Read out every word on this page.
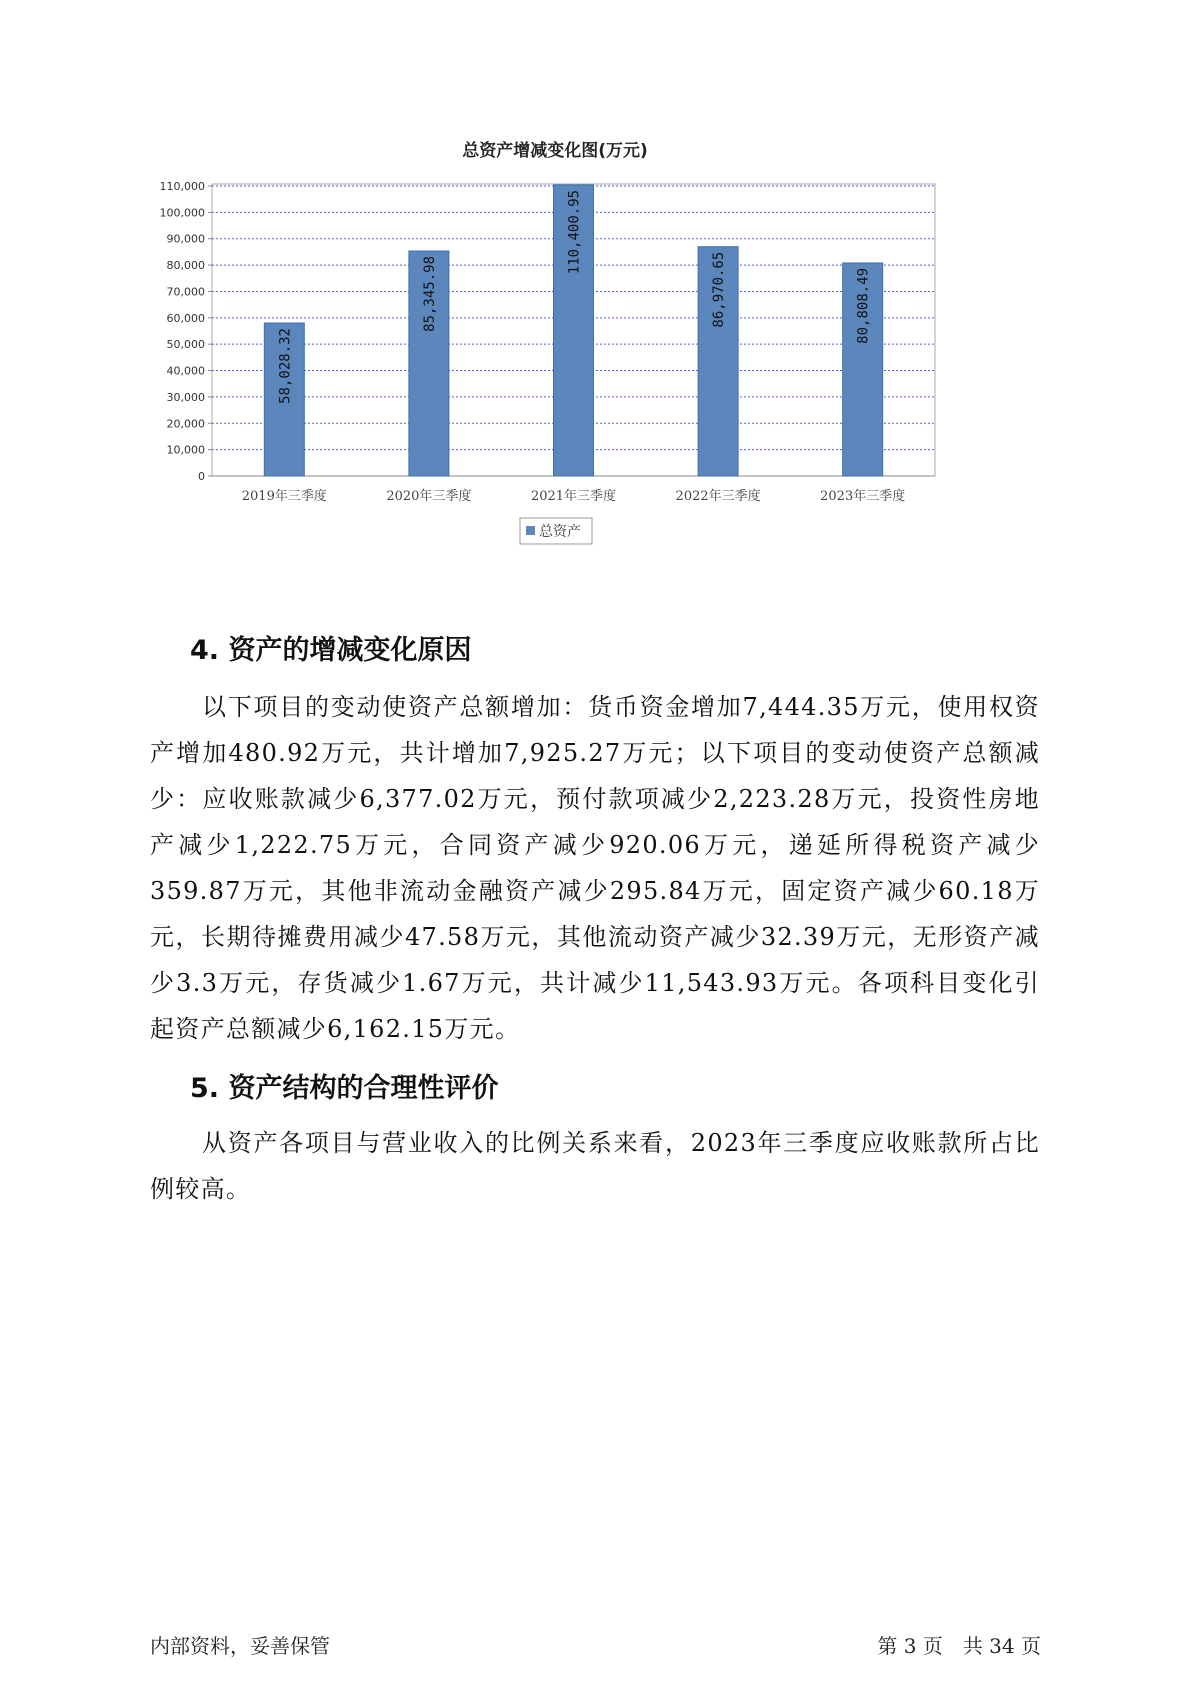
总资产增减变化图(万元)
0
10,000
20,000
30,000
40,000
50,000
60,000
70,000
80,000
90,000
100,000
110,000
2019年三季度	2020年三季度	2021年三季度	2022年三季度	2023年三季度
58,028.32
85,345.98
110,400.95
86,970.65	80,808.49
总资产
4. 资产的增减变化原因

以下项目的变动使资产总额增加：货币资金增加7,444.35万元，使用权资产增加480.92万元，共计增加7,925.27万元；以下项目的变动使资产总额减少：应收账款减少6,377.02万元，预付款项减少2,223.28万元，投资性房地产减少1,222.75万元，合同资产减少920.06万元，递延所得税资产减少359.87万元，其他非流动金融资产减少295.84万元，固定资产减少60.18万元，长期待摊费用减少47.58万元，其他流动资产减少32.39万元，无形资产减少3.3万元，存货减少1.67万元，共计减少11,543.93万元。各项科目变化引起资产总额减少6,162.15万元。

5. 资产结构的合理性评价

从资产各项目与营业收入的比例关系来看，2023年三季度应收账款所占比例较高。

内部资料，妥善保管	第 3 页　共 34 页
